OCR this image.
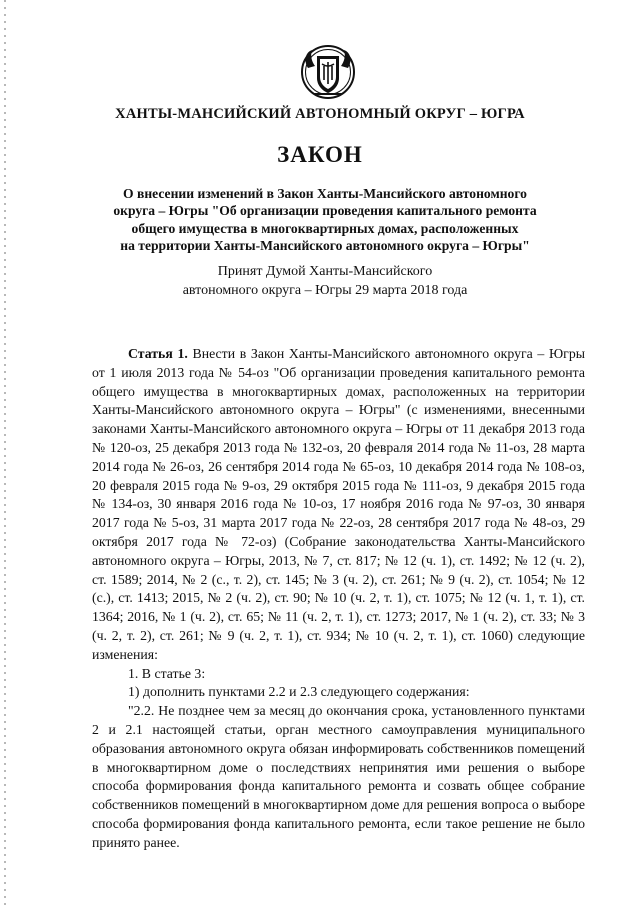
ХАНТЫ-МАНСИЙСКИЙ АВТОНОМНЫЙ ОКРУГ – ЮГРА
ЗАКОН
О внесении изменений в Закон Ханты-Мансийского автономного
округа – Югры "Об организации проведения капитального ремонта
общего имущества в многоквартирных домах, расположенных
на территории Ханты-Мансийского автономного округа – Югры"
Принят Думой Ханты-Мансийского
автономного округа – Югры 29 марта 2018 года

Статья 1. Внести в Закон Ханты-Мансийского автономного округа – Югры от 1 июля 2013 года № 54-оз "Об организации проведения капитального ремонта общего имущества в многоквартирных домах, расположенных на территории Ханты-Мансийского автономного округа – Югры" (с изменениями, внесенными законами Ханты-Мансийского автономного округа – Югры от 11 декабря 2013 года № 120-оз, 25 декабря 2013 года № 132-оз, 20 февраля 2014 года № 11-оз, 28 марта 2014 года № 26-оз, 26 сентября 2014 года № 65-оз, 10 декабря 2014 года № 108-оз, 20 февраля 2015 года № 9-оз, 29 октября 2015 года № 111-оз, 9 декабря 2015 года № 134-оз, 30 января 2016 года № 10-оз, 17 ноября 2016 года № 97-оз, 30 января 2017 года № 5-оз, 31 марта 2017 года № 22-оз, 28 сентября 2017 года № 48-оз, 29 октября 2017 года № 72-оз) (Собрание законодательства Ханты-Мансийского автономного округа – Югры, 2013, № 7, ст. 817; № 12 (ч. 1), ст. 1492; № 12 (ч. 2), ст. 1589; 2014, № 2 (с., т. 2), ст. 145; № 3 (ч. 2), ст. 261; № 9 (ч. 2), ст. 1054; № 12 (с.), ст. 1413; 2015, № 2 (ч. 2), ст. 90; № 10 (ч. 2, т. 1), ст. 1075; № 12 (ч. 1, т. 1), ст. 1364; 2016, № 1 (ч. 2), ст. 65; № 11 (ч. 2, т. 1), ст. 1273; 2017, № 1 (ч. 2), ст. 33; № 3 (ч. 2, т. 2), ст. 261; № 9 (ч. 2, т. 1), ст. 934; № 10 (ч. 2, т. 1), ст. 1060) следующие изменения:

1. В статье 3:

1) дополнить пунктами 2.2 и 2.3 следующего содержания:

"2.2. Не позднее чем за месяц до окончания срока, установленного пунктами 2 и 2.1 настоящей статьи, орган местного самоуправления муниципального образования автономного округа обязан информировать собственников помещений в многоквартирном доме о последствиях непринятия ими решения о выборе способа формирования фонда капитального ремонта и созвать общее собрание собственников помещений в многоквартирном доме для решения вопроса о выборе способа формирования фонда капитального ремонта, если такое решение не было принято ранее.
